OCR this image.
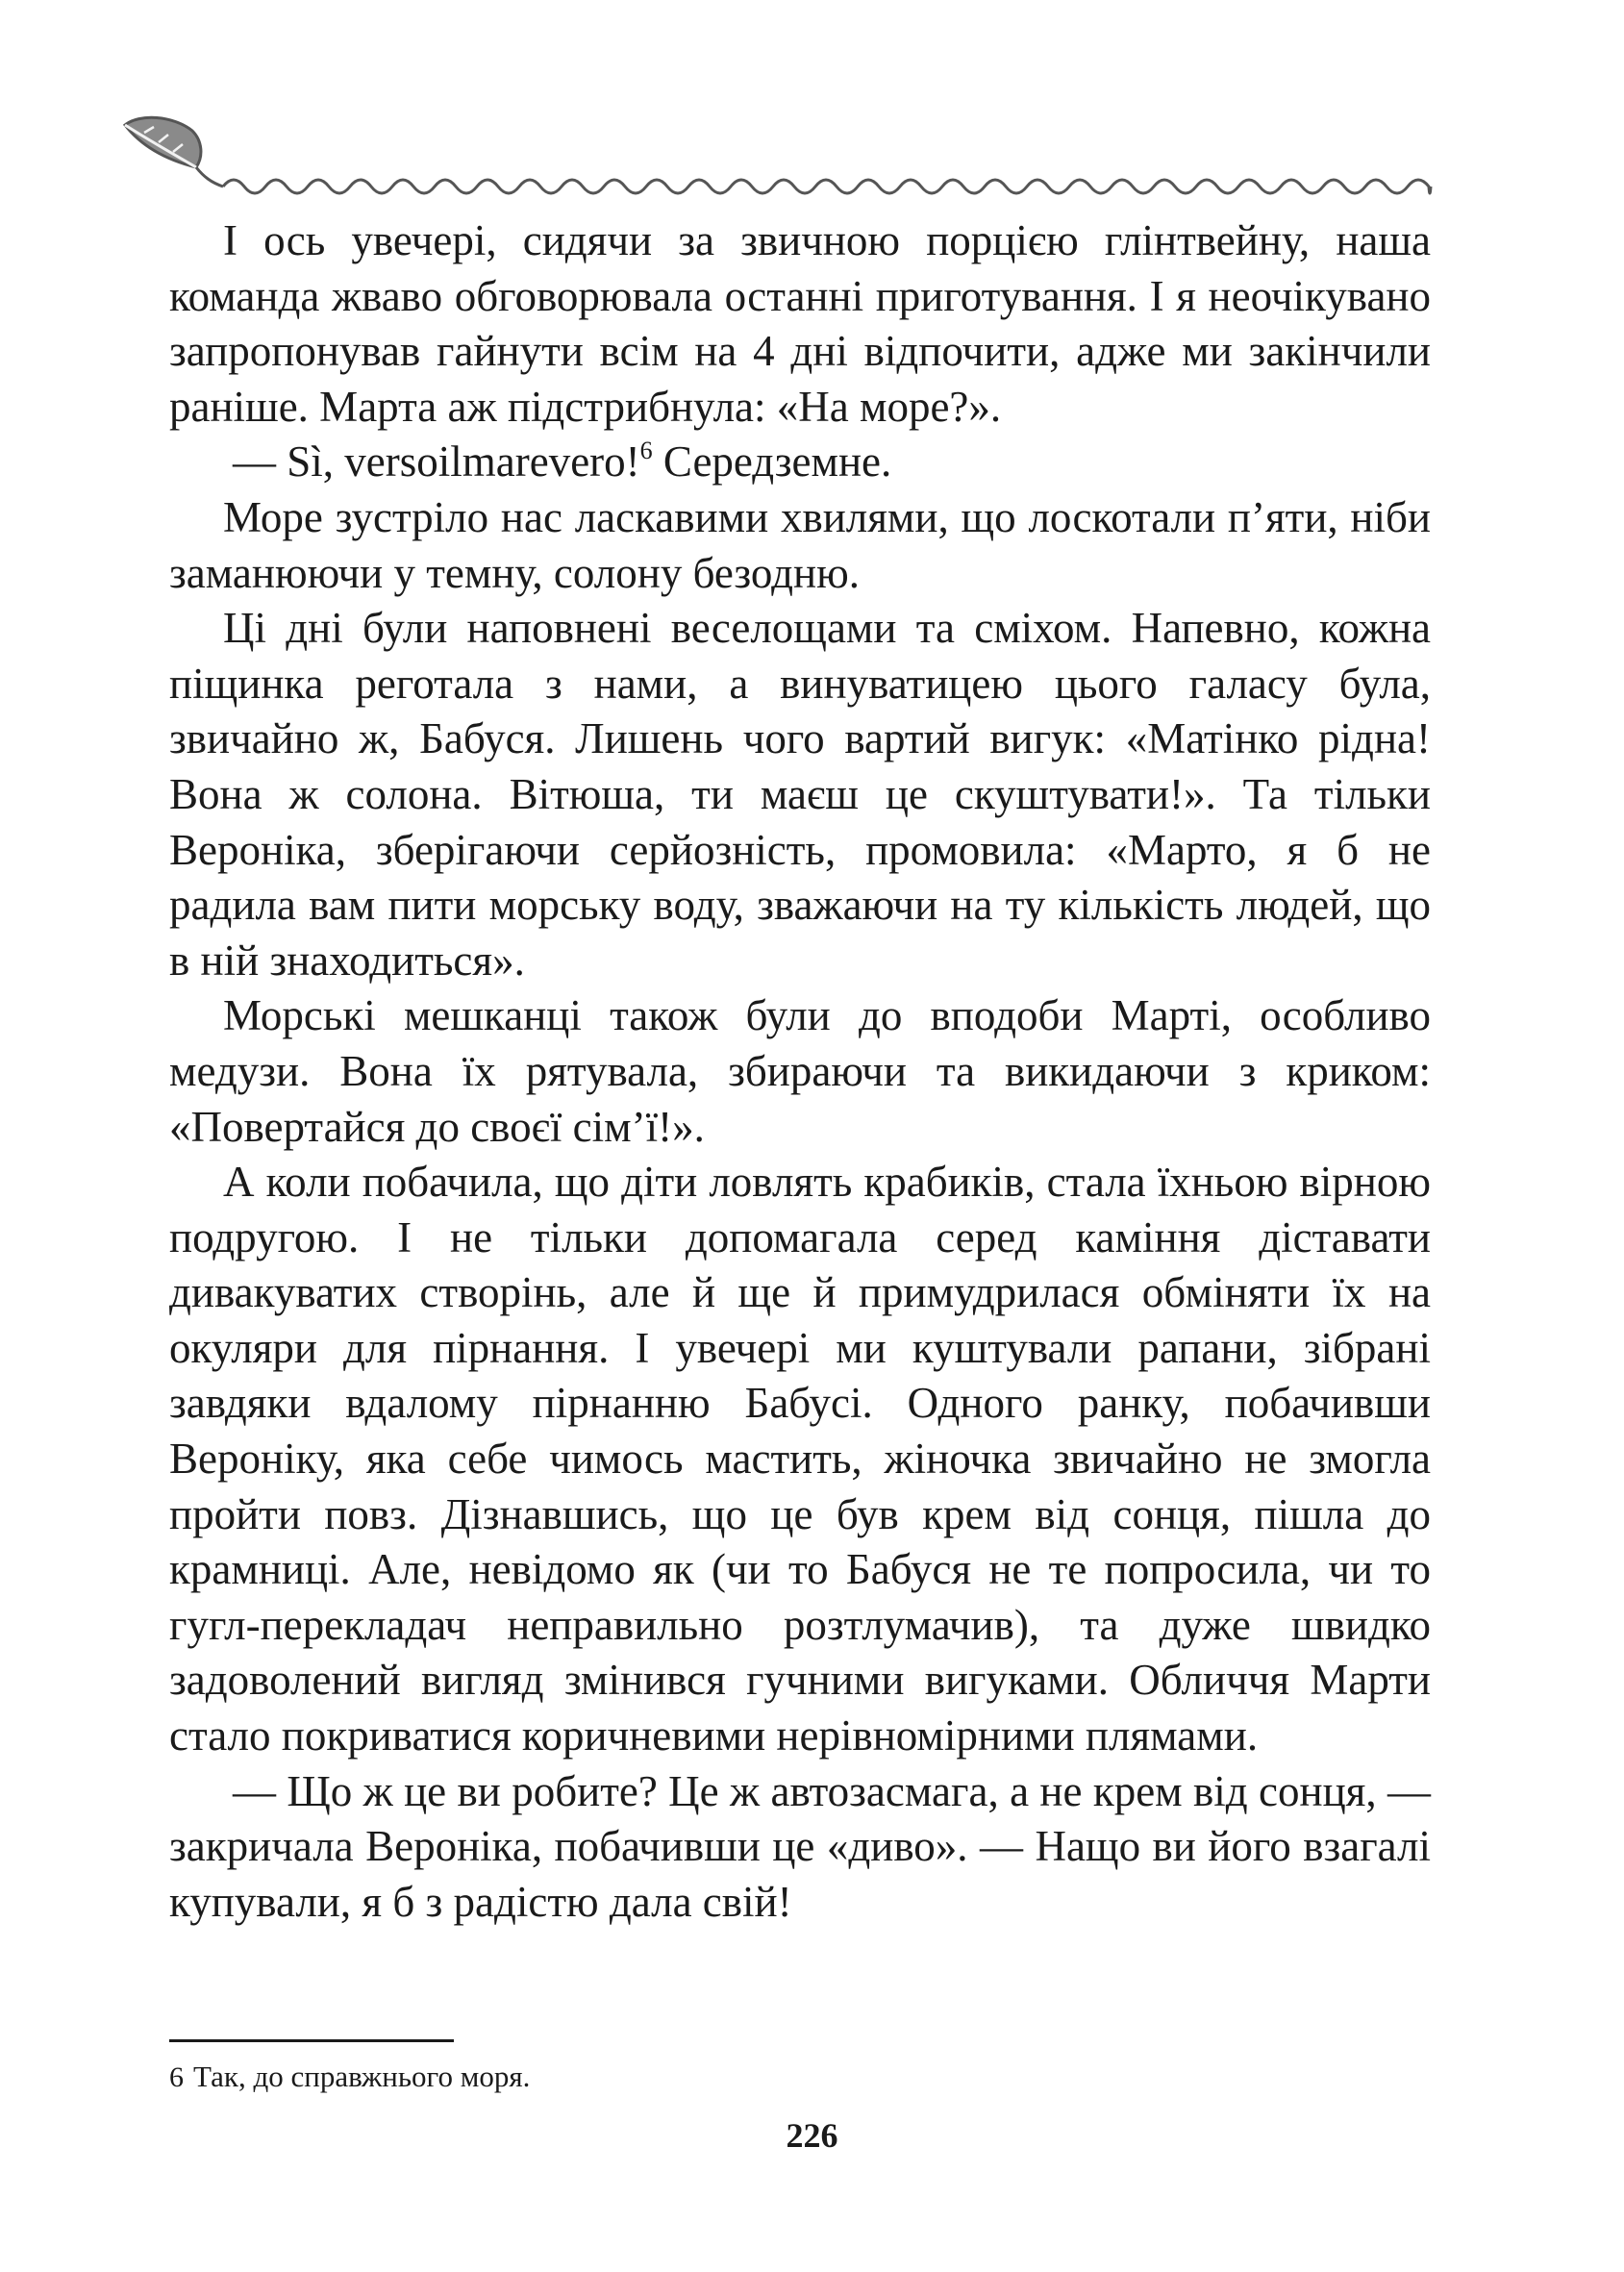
І ось увечері, сидячи за звичною порцією глінтвейну, наша команда жваво обговорювала останні приготування. І я неочікувано запропонував гайнути всім на 4 дні відпочити, адже ми закінчили раніше. Марта аж підстрибнула: «На море?».

— Sì, versoilmarevero!$^6$ Середземне.

Море зустріло нас ласкавими хвилями, що лоскотали п’яти, ніби заманюючи у темну, солону безодню.

Ці дні були наповнені веселощами та сміхом. Напевно, кожна піщинка реготала з нами, а винуватицею цього галасу була, звичайно ж, Бабуся. Лишень чого вартий вигук: «Матінко рідна! Вона ж солона. Вітюша, ти маєш це скуштувати!». Та тільки Вероніка, зберігаючи серйозність, промовила: «Марто, я б не радила вам пити морську воду, зважаючи на ту кількість людей, що в ній знаходиться».

Морські мешканці також були до вподоби Марті, особливо медузи. Вона їх рятувала, збираючи та викидаючи з криком: «Повертайся до своєї сім’ї!».

А коли побачила, що діти ловлять крабиків, стала їхньою вірною подругою. І не тільки допомагала серед каміння діставати дивакуватих створінь, але й ще й примудрилася обміняти їх на окуляри для пірнання. І увечері ми куштували рапани, зібрані завдяки вдалому пірнанню Бабусі. Одного ранку, побачивши Вероніку, яка себе чимось мастить, жіночка звичайно не змогла пройти повз. Дізнавшись, що це був крем від сонця, пішла до крамниці. Але, невідомо як (чи то Бабуся не те попросила, чи то гугл-перекладач неправильно розтлумачив), та дуже швидко задоволений вигляд змінився гучними вигуками. Обличчя Марти стало покриватися коричневими нерівномірними плямами.

— Що ж це ви робите? Це ж автозасмага, а не крем від сонця, — закричала Вероніка, побачивши це «диво». — Нащо ви його взагалі купували, я б з радістю дала свій!

6 Так, до справжнього моря.
226
